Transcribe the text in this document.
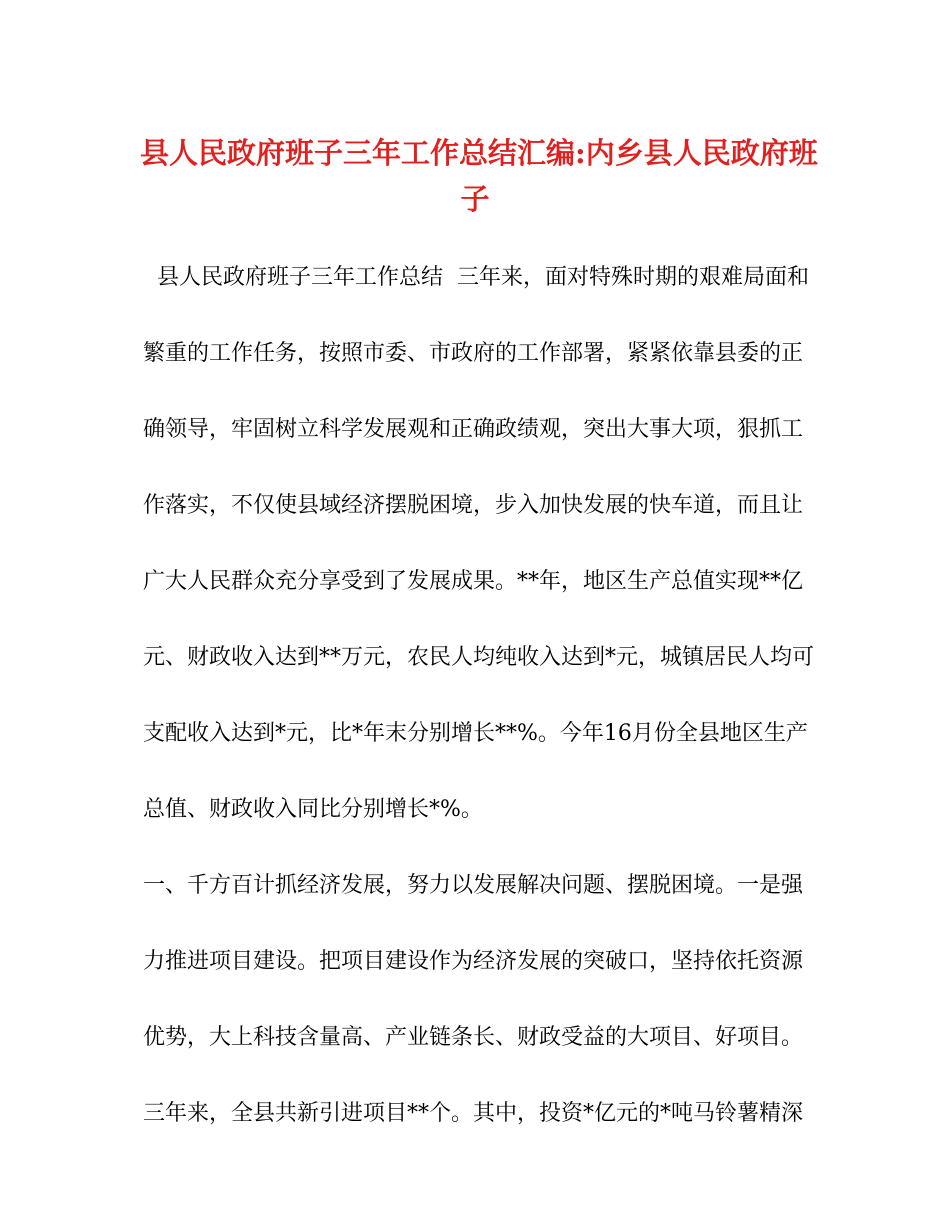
县人民政府班子三年工作总结汇编:内乡县人民政府班
子
县人民政府班子三年工作总结  三年来，面对特殊时期的艰难局面和
繁重的工作任务，按照市委、市政府的工作部署，紧紧依靠县委的正
确领导，牢固树立科学发展观和正确政绩观，突出大事大项，狠抓工
作落实，不仅使县域经济摆脱困境，步入加快发展的快车道，而且让
广大人民群众充分享受到了发展成果。**年，地区生产总值实现**亿
元、财政收入达到**万元，农民人均纯收入达到*元，城镇居民人均可
支配收入达到*元，比*年末分别增长**%。今年16月份全县地区生产
总值、财政收入同比分别增长*%。
一、千方百计抓经济发展，努力以发展解决问题、摆脱困境。一是强
力推进项目建设。把项目建设作为经济发展的突破口，坚持依托资源
优势，大上科技含量高、产业链条长、财政受益的大项目、好项目。
三年来，全县共新引进项目**个。其中，投资*亿元的*吨马铃薯精深
